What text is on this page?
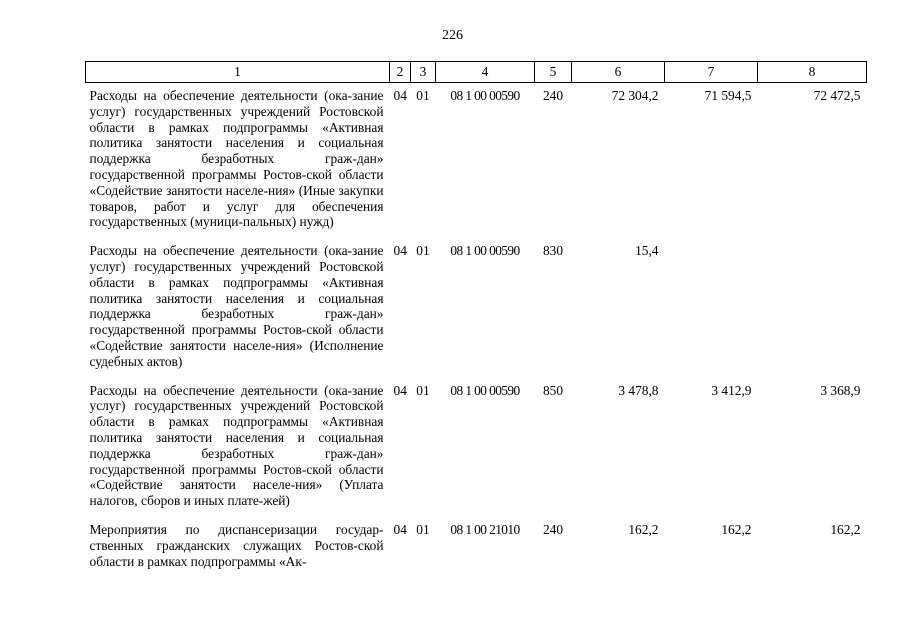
226
1	2	3	4	5	6	7	8
Расходы на обеспечение деятельности (ока-зание услуг) государственных учреждений Ростовской области в рамках подпрограммы «Активная политика занятости населения и социальная поддержка безработных граж-дан» государственной программы Ростов-ской области «Содействие занятости населе-ния» (Иные закупки товаров, работ и услуг для обеспечения государственных (муници-пальных) нужд)	04	01	08 1 00 00590	240	72 304,2	71 594,5	72 472,5
Расходы на обеспечение деятельности (ока-зание услуг) государственных учреждений Ростовской области в рамках подпрограммы «Активная политика занятости населения и социальная поддержка безработных граж-дан» государственной программы Ростов-ской области «Содействие занятости населе-ния» (Исполнение судебных актов)	04	01	08 1 00 00590	830	15,4		
Расходы на обеспечение деятельности (ока-зание услуг) государственных учреждений Ростовской области в рамках подпрограммы «Активная политика занятости населения и социальная поддержка безработных граж-дан» государственной программы Ростов-ской области «Содействие занятости населе-ния» (Уплата налогов, сборов и иных плате-жей)	04	01	08 1 00 00590	850	3 478,8	3 412,9	3 368,9
Мероприятия по диспансеризации государ-ственных гражданских служащих Ростов-ской области в рамках подпрограммы «Ак-	04	01	08 1 00 21010	240	162,2	162,2	162,2
